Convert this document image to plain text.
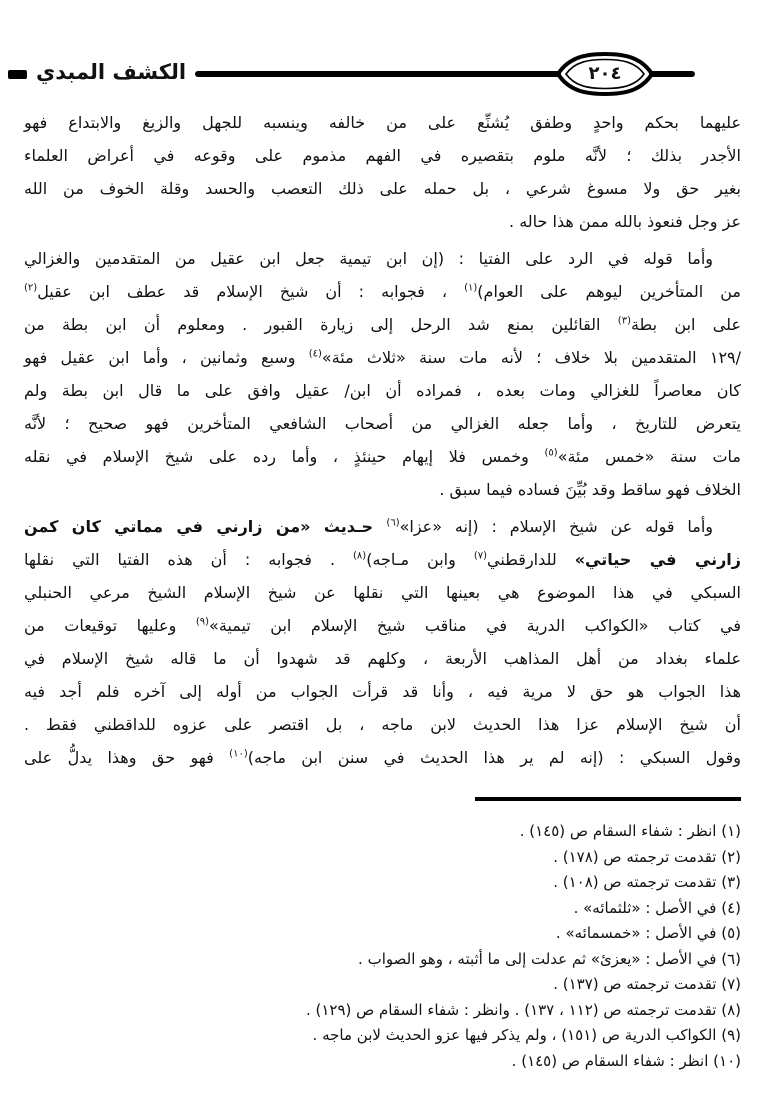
الكشف المبدي	٢٠٤
عليهما بحكم واحدٍ وطفق يُشنِّع على من خالفه وينسبه للجهل والزيغ والابتداع فهو
الأجدر بذلك ؛ لأنَّه ملوم بتقصيره في الفهم مذموم على وقوعه في أعراض العلماء
بغير حق ولا مسوغ شرعي ، بل حمله على ذلك التعصب والحسد وقلة الخوف من الله
عز وجل فنعوذ بالله ممن هذا حاله .
وأما قوله في الرد على الفتيا : (إن ابن تيمية جعل ابن عقيل من المتقدمين والغزالي
من المتأخرين ليوهم على العوام)$^{(١)}$ ، فجوابه : أن شيخ الإسلام قد عطف ابن عقيل$^{(٢)}$
على ابن بطة$^{(٣)}$ القائلين بمنع شد الرحل إلى زيارة القبور . ومعلوم أن ابن بطة من
/١٢٩ المتقدمين بلا خلاف ؛ لأنه مات سنة «ثلاث مئة»$^{(٤)}$ وسبع وثمانين ، وأما ابن عقيل فهو
كان معاصراً للغزالي ومات بعده ، فمراده أن ابن/ عقيل وافق على ما قال ابن بطة ولم
يتعرض للتاريخ ، وأما جعله الغزالي من أصحاب الشافعي المتأخرين فهو صحيح ؛ لأنَّه
مات سنة «خمس مئة»$^{(٥)}$ وخمس فلا إيهام حينئذٍ ، وأما رده على شيخ الإسلام في نقله
الخلاف فهو ساقط وقد بُيِّنَ فساده فيما سبق .
وأما قوله عن شيخ الإسلام : (إنه «عزا»$^{(٦)}$ حـديث «من زارني في مماتي كان كمن
زارني في حياتي» للدارقطني$^{(٧)}$ وابن مـاجه)$^{(٨)}$ . فجوابه : أن هذه الفتيا التي نقلها
السبكي في هذا الموضوع هي بعينها التي نقلها عن شيخ الإسلام الشيخ مرعي الحنبلي
في كتاب «الكواكب الدرية في مناقب شيخ الإسلام ابن تيمية»$^{(٩)}$ وعليها توقيعات من
علماء بغداد من أهل المذاهب الأربعة ، وكلهم قد شهدوا أن ما قاله شيخ الإسلام في
هذا الجواب هو حق لا مرية فيه ، وأنا قد قرأت الجواب من أوله إلى آخره فلم أجد فيه
أن شيخ الإسلام عزا هذا الحديث لابن ماجه ، بل اقتصر على عزوه للداقطني فقط .
وقول السبكي : (إنه لم ير هذا الحديث في سنن ابن ماجه)$^{(١٠)}$ فهو حق وهذا يدلُّ على
(١) انظر : شفاء السقام ص (١٤٥) .
(٢) تقدمت ترجمته ص (١٧٨) .
(٣) تقدمت ترجمته ص (١٠٨) .
(٤) في الأصل : «ثلثمائه» .
(٥) في الأصل : «خمسمائه» .
(٦) في الأصل : «يعزئ» ثم عدلت إلى ما أثبته ، وهو الصواب .
(٧) تقدمت ترجمته ص (١٣٧) .
(٨) تقدمت ترجمته ص (١١٢ ، ١٣٧) . وانظر : شفاء السقام ص (١٢٩) .
(٩) الكواكب الدرية ص (١٥١) ، ولم يذكر فيها عزو الحديث لابن ماجه .
(١٠) انظر : شفاء السقام ص (١٤٥) .
